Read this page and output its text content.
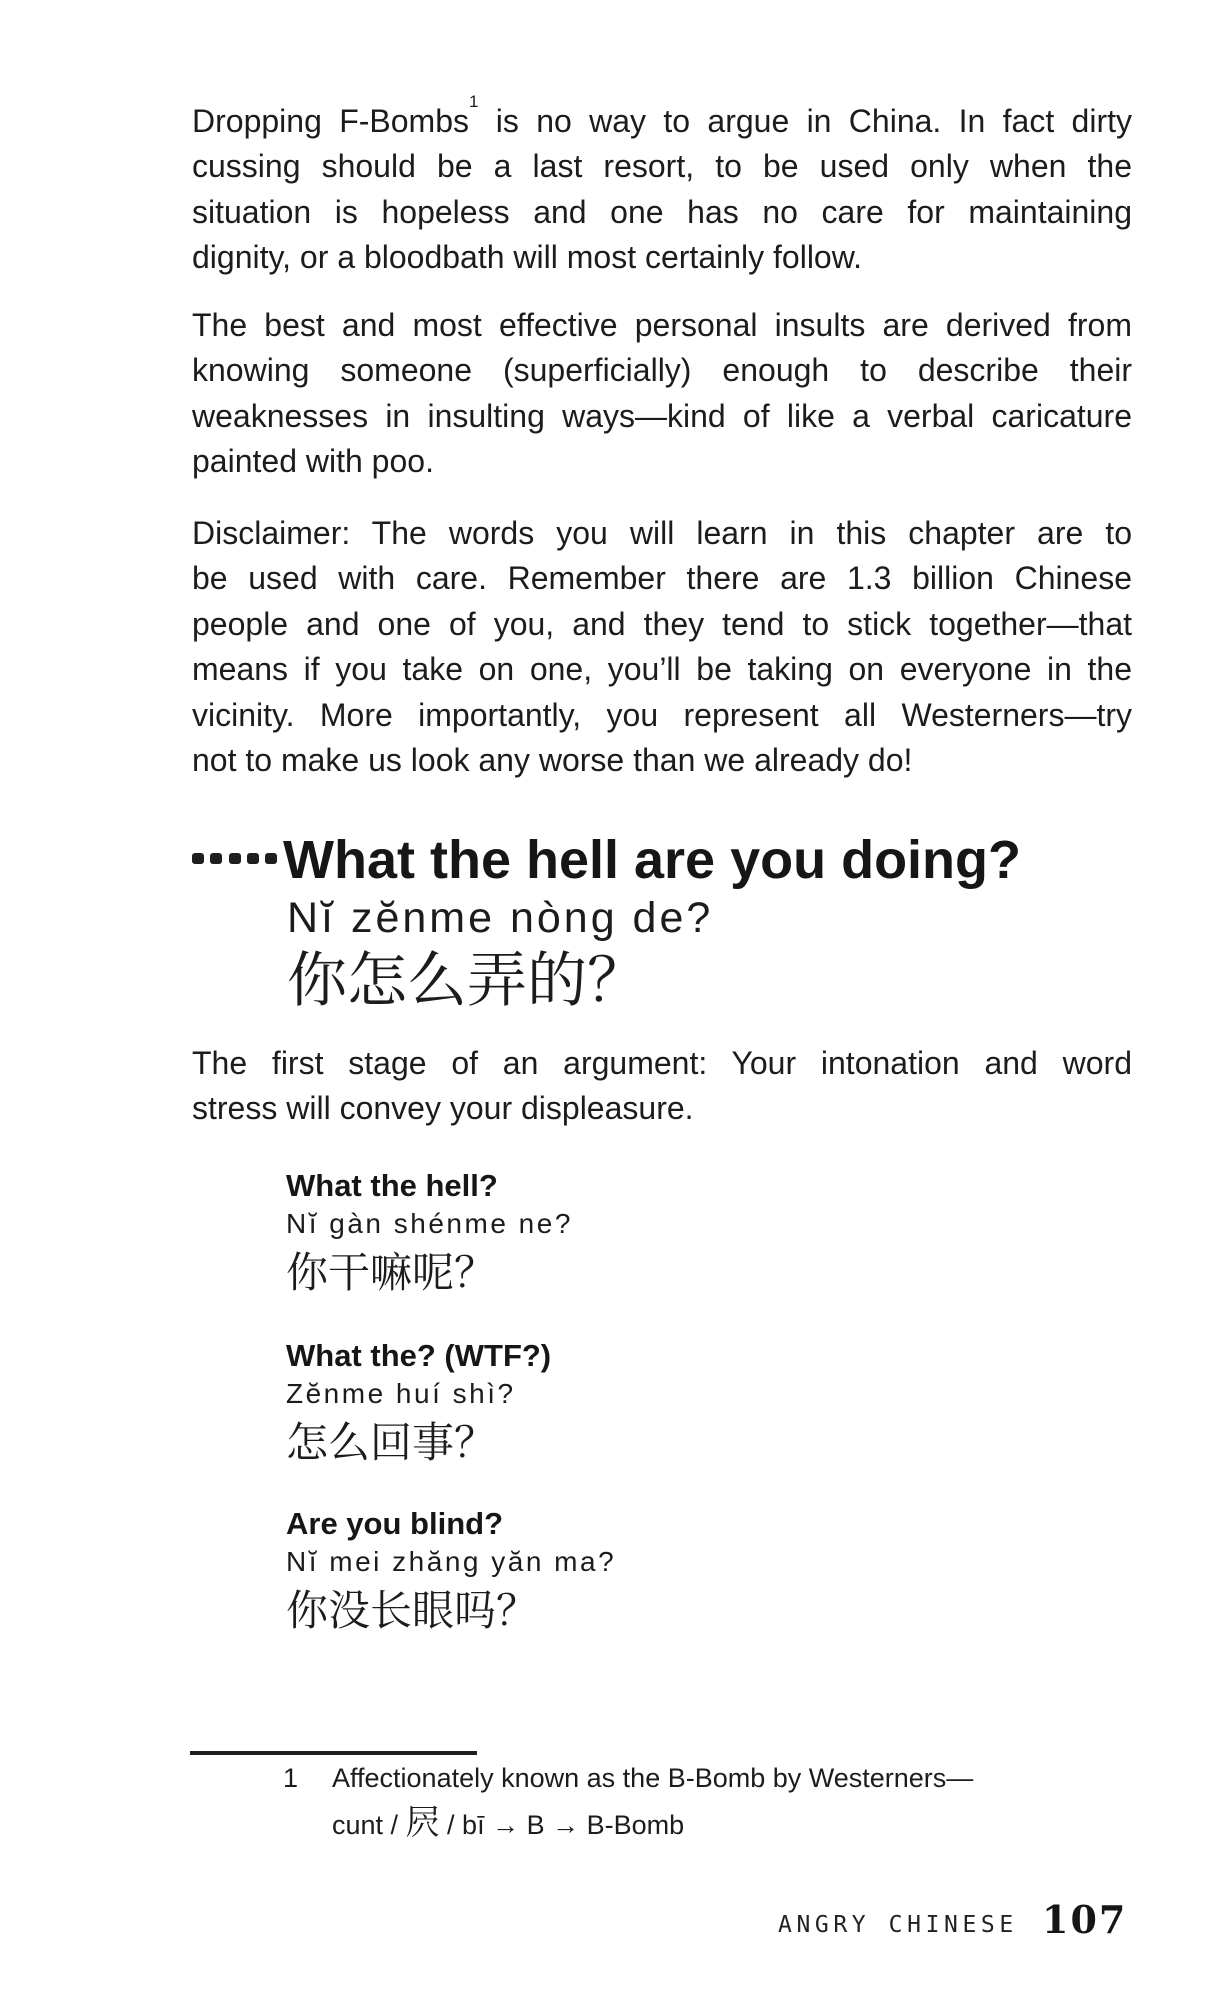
Dropping F-Bombs$^1$ is no way to argue in China. In fact dirty
cussing should be a last resort, to be used only when the
situation is hopeless and one has no care for maintaining
dignity, or a bloodbath will most certainly follow.
The best and most effective personal insults are derived from
knowing someone (superficially) enough to describe their
weaknesses in insulting ways—kind of like a verbal caricature
painted with poo.
Disclaimer: The words you will learn in this chapter are to
be used with care. Remember there are 1.3 billion Chinese
people and one of you, and they tend to stick together—that
means if you take on one, you’ll be taking on everyone in the
vicinity. More importantly, you represent all Westerners—try
not to make us look any worse than we already do!
What the hell are you doing?
Nĭ zĕnme nòng de?
你怎么弄的？
The first stage of an argument: Your intonation and word
stress will convey your displeasure.
What the hell?
Nĭ gàn shénme ne?
你干嘛呢？
What the? (WTF?)
Zĕnme huí shì?
怎么回事？
Are you blind?
Nĭ mei zhăng yăn ma?
你没长眼吗？
1 Affectionately known as the B-Bomb by Westerners—
cunt / 屄 / bī → B → B-Bomb
ANGRY CHINESE 107
